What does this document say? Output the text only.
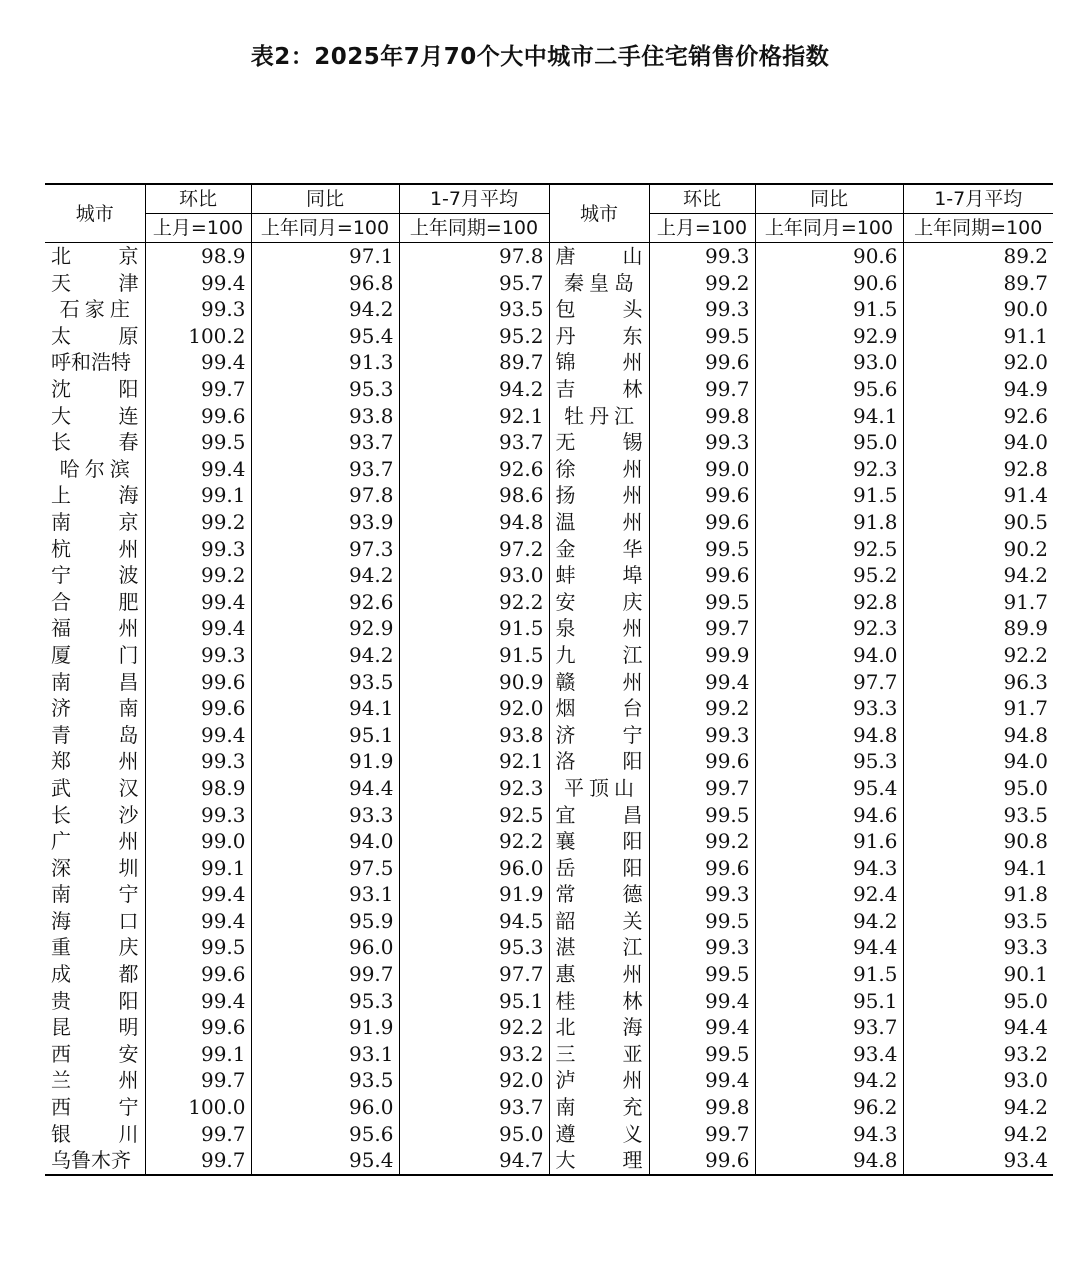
表2：2025年7月70个大中城市二手住宅销售价格指数
城市	环比	同比	1-7月平均	城市	环比	同比	1-7月平均
	上月=100	上年同月=100	上年同期=100		上月=100	上年同月=100	上年同期=100

北 京	98.9	97.1	97.8	唐 山	99.3	90.6	89.2

天 津	99.4	96.8	95.7	秦 皇 岛	99.2	90.6	89.7

石 家 庄	99.3	94.2	93.5	包 头	99.3	91.5	90.0

太 原	100.2	95.4	95.2	丹 东	99.5	92.9	91.1

呼和浩特	99.4	91.3	89.7	锦 州	99.6	93.0	92.0

沈 阳	99.7	95.3	94.2	吉 林	99.7	95.6	94.9

大 连	99.6	93.8	92.1	牡 丹 江	99.8	94.1	92.6

长 春	99.5	93.7	93.7	无 锡	99.3	95.0	94.0

哈 尔 滨	99.4	93.7	92.6	徐 州	99.0	92.3	92.8

上 海	99.1	97.8	98.6	扬 州	99.6	91.5	91.4

南 京	99.2	93.9	94.8	温 州	99.6	91.8	90.5

杭 州	99.3	97.3	97.2	金 华	99.5	92.5	90.2

宁 波	99.2	94.2	93.0	蚌 埠	99.6	95.2	94.2

合 肥	99.4	92.6	92.2	安 庆	99.5	92.8	91.7

福 州	99.4	92.9	91.5	泉 州	99.7	92.3	89.9

厦 门	99.3	94.2	91.5	九 江	99.9	94.0	92.2

南 昌	99.6	93.5	90.9	赣 州	99.4	97.7	96.3

济 南	99.6	94.1	92.0	烟 台	99.2	93.3	91.7

青 岛	99.4	95.1	93.8	济 宁	99.3	94.8	94.8

郑 州	99.3	91.9	92.1	洛 阳	99.6	95.3	94.0

武 汉	98.9	94.4	92.3	平 顶 山	99.7	95.4	95.0

长 沙	99.3	93.3	92.5	宜 昌	99.5	94.6	93.5

广 州	99.0	94.0	92.2	襄 阳	99.2	91.6	90.8

深 圳	99.1	97.5	96.0	岳 阳	99.6	94.3	94.1

南 宁	99.4	93.1	91.9	常 德	99.3	92.4	91.8

海 口	99.4	95.9	94.5	韶 关	99.5	94.2	93.5

重 庆	99.5	96.0	95.3	湛 江	99.3	94.4	93.3

成 都	99.6	99.7	97.7	惠 州	99.5	91.5	90.1

贵 阳	99.4	95.3	95.1	桂 林	99.4	95.1	95.0

昆 明	99.6	91.9	92.2	北 海	99.4	93.7	94.4

西 安	99.1	93.1	93.2	三 亚	99.5	93.4	93.2

兰 州	99.7	93.5	92.0	泸 州	99.4	94.2	93.0

西 宁	100.0	96.0	93.7	南 充	99.8	96.2	94.2

银 川	99.7	95.6	95.0	遵 义	99.7	94.3	94.2

乌鲁木齐	99.7	95.4	94.7	大 理	99.6	94.8	93.4
